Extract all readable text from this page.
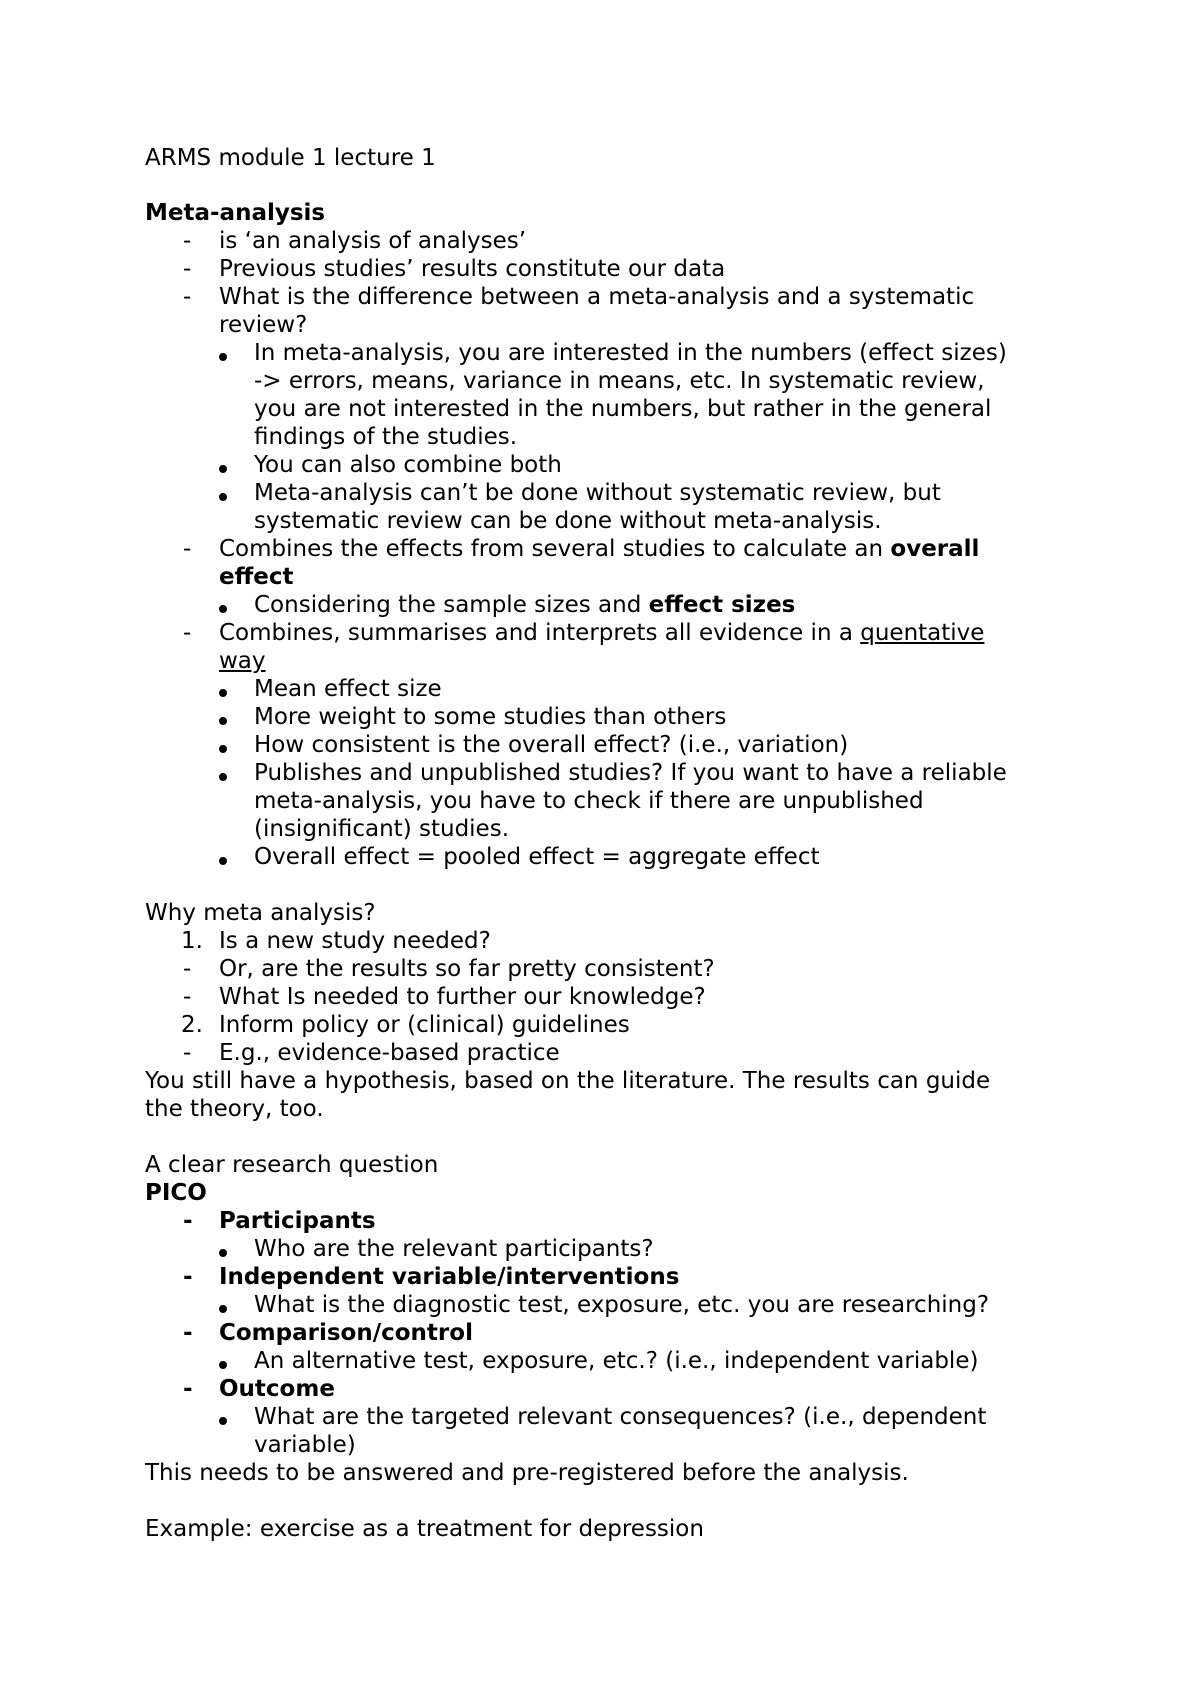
ARMS module 1 lecture 1
Meta-analysis
- is ‘an analysis of analyses’
- Previous studies’ results constitute our data
- What is the difference between a meta-analysis and a systematic
review?
In meta-analysis, you are interested in the numbers (effect sizes)
-> errors, means, variance in means, etc. In systematic review,
you are not interested in the numbers, but rather in the general
findings of the studies.
You can also combine both
Meta-analysis can’t be done without systematic review, but
systematic review can be done without meta-analysis.
- Combines the effects from several studies to calculate an overall
effect
Considering the sample sizes and effect sizes
- Combines, summarises and interprets all evidence in a quentative
way
Mean effect size
More weight to some studies than others
How consistent is the overall effect? (i.e., variation)
Publishes and unpublished studies? If you want to have a reliable
meta-analysis, you have to check if there are unpublished
(insignificant) studies.
Overall effect = pooled effect = aggregate effect
Why meta analysis?
1. Is a new study needed?
- Or, are the results so far pretty consistent?
- What Is needed to further our knowledge?
2. Inform policy or (clinical) guidelines
- E.g., evidence-based practice
You still have a hypothesis, based on the literature. The results can guide
the theory, too.
A clear research question
PICO
- Participants
Who are the relevant participants?
- Independent variable/interventions
What is the diagnostic test, exposure, etc. you are researching?
- Comparison/control
An alternative test, exposure, etc.? (i.e., independent variable)
- Outcome
What are the targeted relevant consequences? (i.e., dependent
variable)
This needs to be answered and pre-registered before the analysis.
Example: exercise as a treatment for depression
